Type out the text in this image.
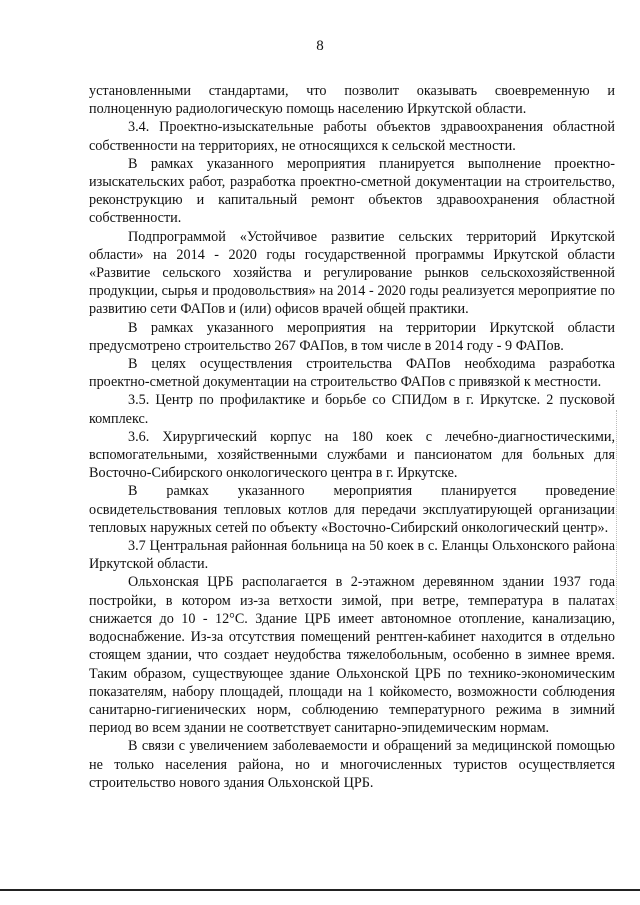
8

установленными стандартами, что позволит оказывать своевременную и полноценную радиологическую помощь населению Иркутской области.

3.4. Проектно-изыскательные работы объектов здравоохранения областной собственности на территориях, не относящихся к сельской местности.

В рамках указанного мероприятия планируется выполнение проектно-изыскательских работ, разработка проектно-сметной документации на строительство, реконструкцию и капитальный ремонт объектов здравоохранения областной собственности.

Подпрограммой «Устойчивое развитие сельских территорий Иркутской области» на 2014 - 2020 годы государственной программы Иркутской области «Развитие сельского хозяйства и регулирование рынков сельскохозяйственной продукции, сырья и продовольствия» на 2014 - 2020 годы реализуется мероприятие по развитию сети ФАПов и (или) офисов врачей общей практики.

В рамках указанного мероприятия на территории Иркутской области предусмотрено строительство 267 ФАПов, в том числе в 2014 году - 9 ФАПов.

В целях осуществления строительства ФАПов необходима разработка проектно-сметной документации на строительство ФАПов с привязкой к местности.

3.5. Центр по профилактике и борьбе со СПИДом в г. Иркутске. 2 пусковой комплекс.

3.6. Хирургический корпус на 180 коек с лечебно-диагностическими, вспомогательными, хозяйственными службами и пансионатом для больных для Восточно-Сибирского онкологического центра в г. Иркутске.

В рамках указанного мероприятия планируется проведение освидетельствования тепловых котлов для передачи эксплуатирующей организации тепловых наружных сетей по объекту «Восточно-Сибирский онкологический центр».

3.7 Центральная районная больница на 50 коек в с. Еланцы Ольхонского района Иркутской области.

Ольхонская ЦРБ располагается в 2-этажном деревянном здании 1937 года постройки, в котором из-за ветхости зимой, при ветре, температура в палатах снижается до 10 - 12°С. Здание ЦРБ имеет автономное отопление, канализацию, водоснабжение. Из-за отсутствия помещений рентген-кабинет находится в отдельно стоящем здании, что создает неудобства тяжелобольным, особенно в зимнее время. Таким образом, существующее здание Ольхонской ЦРБ по технико-экономическим показателям, набору площадей, площади на 1 койкоместо, возможности соблюдения санитарно-гигиенических норм, соблюдению температурного режима в зимний период во всем здании не соответствует санитарно-эпидемическим нормам.

В связи с увеличением заболеваемости и обращений за медицинской помощью не только населения района, но и многочисленных туристов осуществляется строительство нового здания Ольхонской ЦРБ.
